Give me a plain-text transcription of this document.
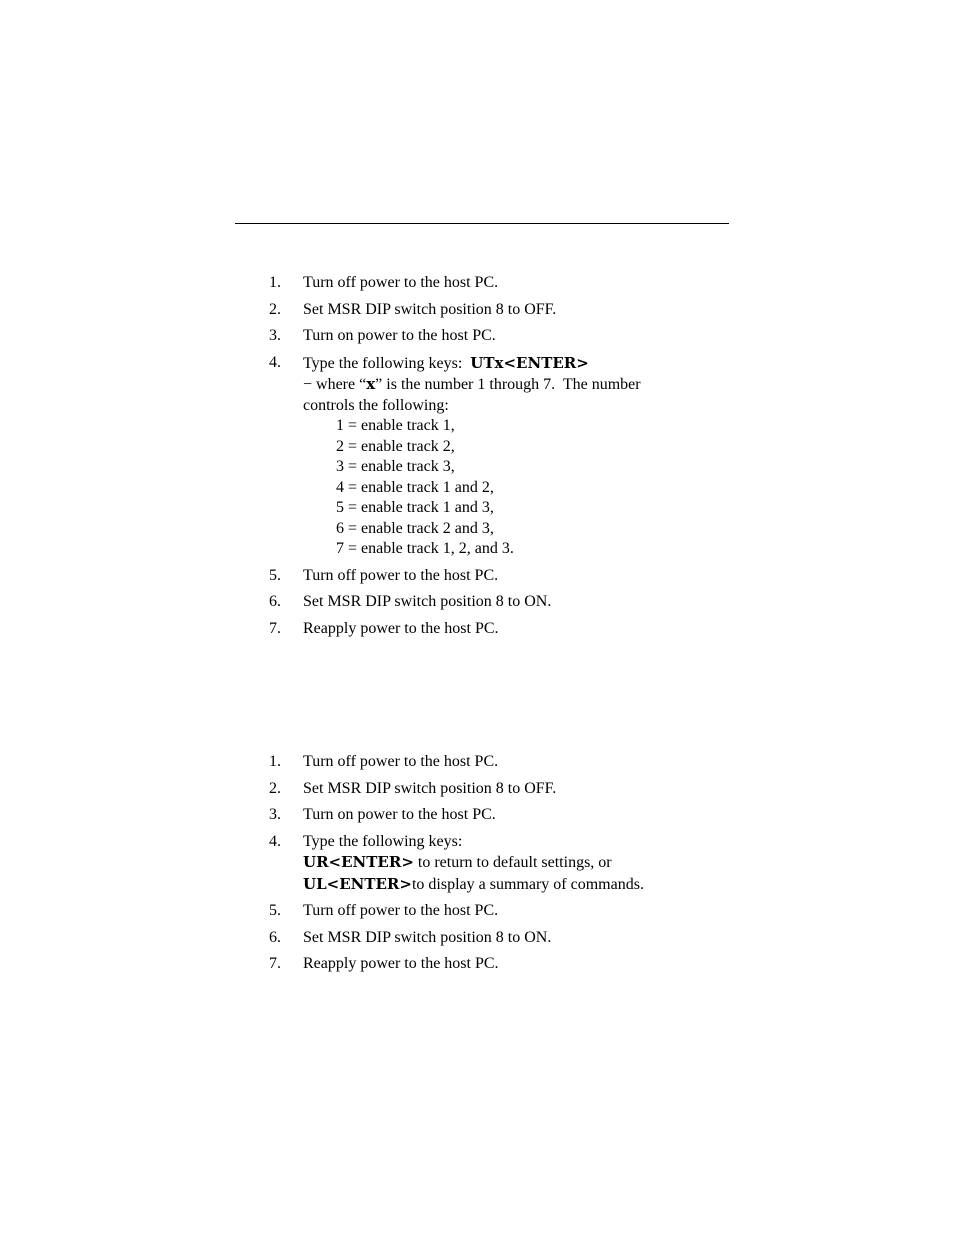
1. Turn off power to the host PC.
2. Set MSR DIP switch position 8 to OFF.
3. Turn on power to the host PC.
4. Type the following keys:  UTx<ENTER>
− where “x” is the number 1 through 7.  The number
controls the following:
1 = enable track 1,
2 = enable track 2,
3 = enable track 3,
4 = enable track 1 and 2,
5 = enable track 1 and 3,
6 = enable track 2 and 3,
7 = enable track 1, 2, and 3.
5. Turn off power to the host PC.
6. Set MSR DIP switch position 8 to ON.
7. Reapply power to the host PC.
1. Turn off power to the host PC.
2. Set MSR DIP switch position 8 to OFF.
3. Turn on power to the host PC.
4. Type the following keys:
UR<ENTER> to return to default settings, or
UL<ENTER>to display a summary of commands.
5. Turn off power to the host PC.
6. Set MSR DIP switch position 8 to ON.
7. Reapply power to the host PC.
